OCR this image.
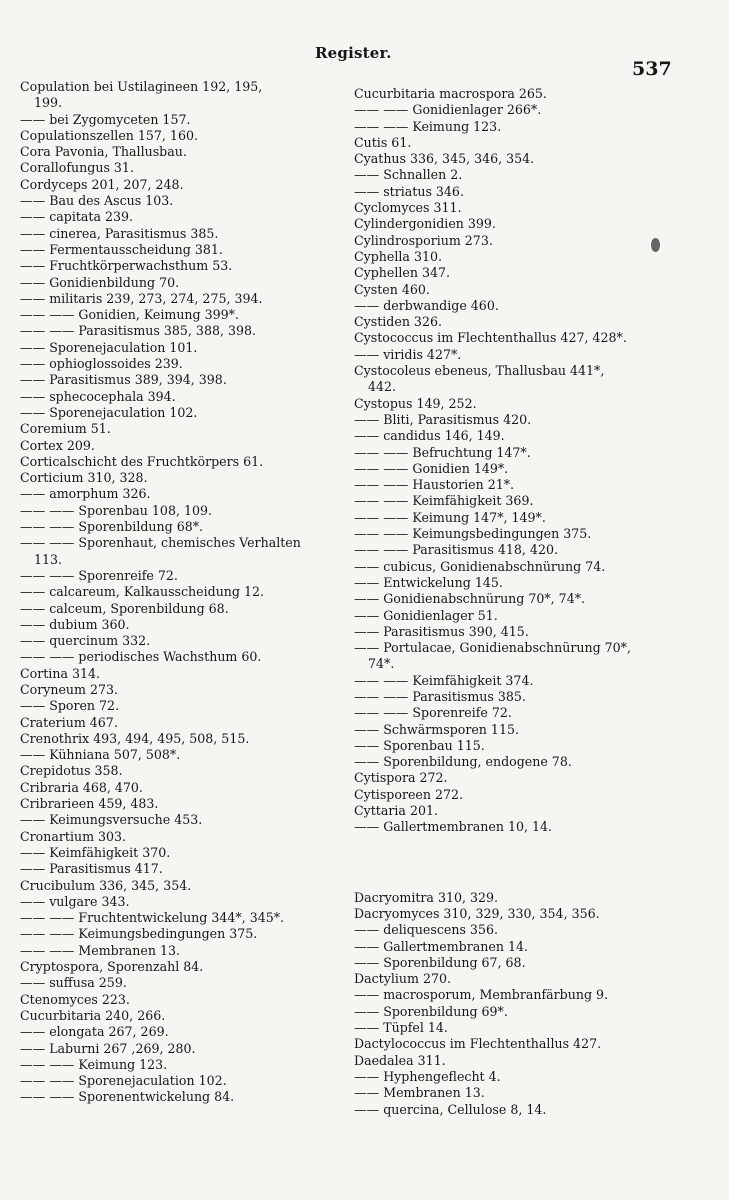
Register.
537
Copulation bei Ustilagineen 192, 195,
199.
—— bei Zygomyceten 157.
Copulationszellen 157, 160.
Cora Pavonia, Thallusbau.
Corallofungus 31.
Cordyceps 201, 207, 248.
—— Bau des Ascus 103.
—— capitata 239.
—— cinerea, Parasitismus 385.
—— Fermentausscheidung 381.
—— Fruchtkörperwachsthum 53.
—— Gonidienbildung 70.
—— militaris 239, 273, 274, 275, 394.
—— —— Gonidien, Keimung 399*.
—— —— Parasitismus 385, 388, 398.
—— Sporenejaculation 101.
—— ophioglossoides 239.
—— Parasitismus 389, 394, 398.
—— sphecocephala 394.
—— Sporenejaculation 102.
Coremium 51.
Cortex 209.
Corticalschicht des Fruchtkörpers 61.
Corticium 310, 328.
—— amorphum 326.
—— —— Sporenbau 108, 109.
—— —— Sporenbildung 68*.
—— —— Sporenhaut, chemisches Verhalten
113.
—— —— Sporenreife 72.
—— calcareum, Kalkausscheidung 12.
—— calceum, Sporenbildung 68.
—— dubium 360.
—— quercinum 332.
—— —— periodisches Wachsthum 60.
Cortina 314.
Coryneum 273.
—— Sporen 72.
Craterium 467.
Crenothrix 493, 494, 495, 508, 515.
—— Kühniana 507, 508*.
Crepidotus 358.
Cribraria 468, 470.
Cribrarieen 459, 483.
—— Keimungsversuche 453.
Cronartium 303.
—— Keimfähigkeit 370.
—— Parasitismus 417.
Crucibulum 336, 345, 354.
—— vulgare 343.
—— —— Fruchtentwickelung 344*, 345*.
—— —— Keimungsbedingungen 375.
—— —— Membranen 13.
Cryptospora, Sporenzahl 84.
—— suffusa 259.
Ctenomyces 223.
Cucurbitaria 240, 266.
—— elongata 267, 269.
—— Laburni 267 ,269, 280.
—— —— Keimung 123.
—— —— Sporenejaculation 102.
—— —— Sporenentwickelung 84.
Cucurbitaria macrospora 265.
—— —— Gonidienlager 266*.
—— —— Keimung 123.
Cutis 61.
Cyathus 336, 345, 346, 354.
—— Schnallen 2.
—— striatus 346.
Cyclomyces 311.
Cylindergonidien 399.
Cylindrosporium 273.
Cyphella 310.
Cyphellen 347.
Cysten 460.
—— derbwandige 460.
Cystiden 326.
Cystococcus im Flechtenthallus 427, 428*.
—— viridis 427*.
Cystocoleus ebeneus, Thallusbau 441*,
442.
Cystopus 149, 252.
—— Bliti, Parasitismus 420.
—— candidus 146, 149.
—— —— Befruchtung 147*.
—— —— Gonidien 149*.
—— —— Haustorien 21*.
—— —— Keimfähigkeit 369.
—— —— Keimung 147*, 149*.
—— —— Keimungsbedingungen 375.
—— —— Parasitismus 418, 420.
—— cubicus, Gonidienabschnürung 74.
—— Entwickelung 145.
—— Gonidienabschnürung 70*, 74*.
—— Gonidienlager 51.
—— Parasitismus 390, 415.
—— Portulacae, Gonidienabschnürung 70*,
74*.
—— —— Keimfähigkeit 374.
—— —— Parasitismus 385.
—— —— Sporenreife 72.
—— Schwärmsporen 115.
—— Sporenbau 115.
—— Sporenbildung, endogene 78.
Cytispora 272.
Cytisporeen 272.
Cyttaria 201.
—— Gallertmembranen 10, 14.
Dacryomitra 310, 329.
Dacryomyces 310, 329, 330, 354, 356.
—— deliquescens 356.
—— Gallertmembranen 14.
—— Sporenbildung 67, 68.
Dactylium 270.
—— macrosporum, Membranfärbung 9.
—— Sporenbildung 69*.
—— Tüpfel 14.
Dactylococcus im Flechtenthallus 427.
Daedalea 311.
—— Hyphengeflecht 4.
—— Membranen 13.
—— quercina, Cellulose 8, 14.
